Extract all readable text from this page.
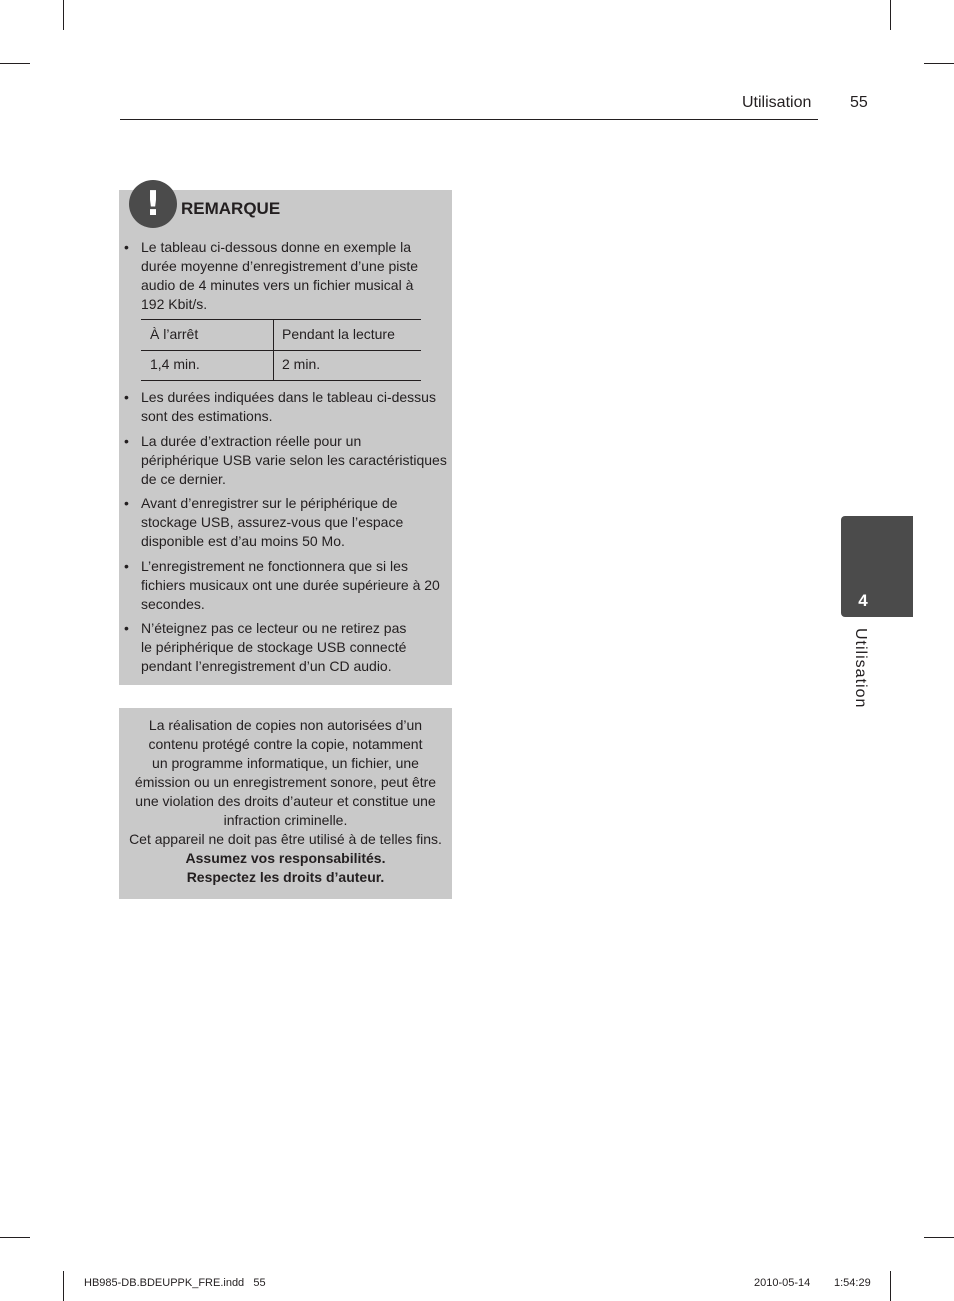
Utilisation 55
!	REMARQUE
• Le tableau ci-dessous donne en exemple la
durée moyenne d’enregistrement d’une piste
audio de 4 minutes vers un fichier musical à
192 Kbit/s.
À l’arrêt	Pendant la lecture
1,4 min.	2 min.
• Les durées indiquées dans le tableau ci-dessus
sont des estimations.
• La durée d’extraction réelle pour un
périphérique USB varie selon les caractéristiques
de ce dernier.
• Avant d’enregistrer sur le périphérique de
stockage USB, assurez-vous que l’espace
disponible est d’au moins 50 Mo.
• L’enregistrement ne fonctionnera que si les
fichiers musicaux ont une durée supérieure à 20
secondes.
• N’éteignez pas ce lecteur ou ne retirez pas
le périphérique de stockage USB connecté
pendant l’enregistrement d’un CD audio.
La réalisation de copies non autorisées d’un
contenu protégé contre la copie, notamment
un programme informatique, un fichier, une
émission ou un enregistrement sonore, peut être
une violation des droits d’auteur et constitue une
infraction criminelle.
Cet appareil ne doit pas être utilisé à de telles fins.
Assumez vos responsabilités.
Respectez les droits d’auteur.
4
Utilisation
HB985-DB.BDEUPPK_FRE.indd   55	2010-05-14 1:54:29
